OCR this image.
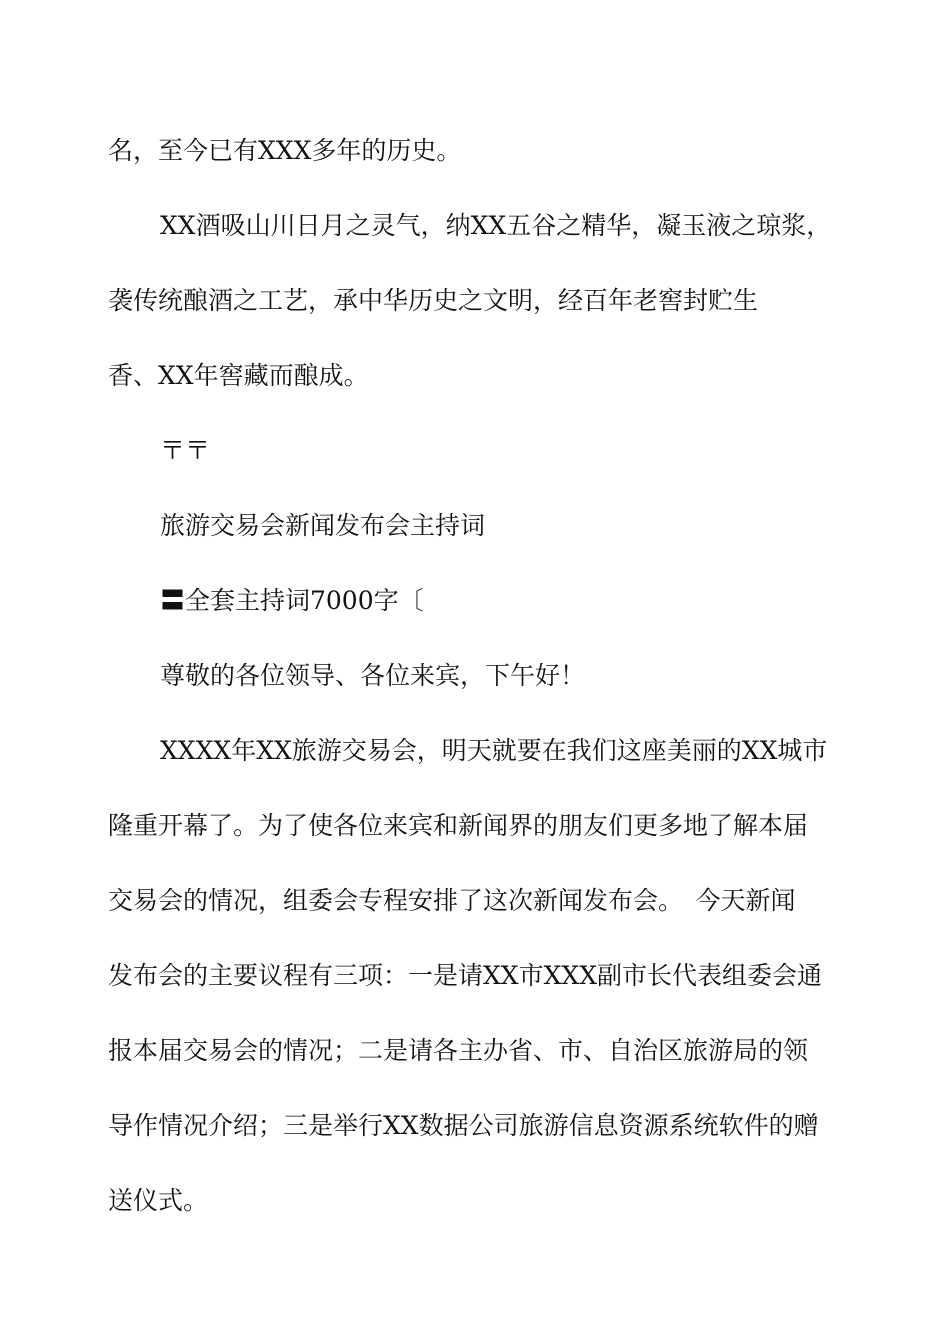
名，至今已有XXX多年的历史。
XX酒吸山川日月之灵气，纳XX五谷之精华，凝玉液之琼浆，
袭传统酿酒之工艺，承中华历史之文明，经百年老窖封贮生
香、XX年窖藏而酿成。
〒〒
旅游交易会新闻发布会主持词
〓全套主持词7000字〔
尊敬的各位领导、各位来宾，下午好！
XXXX年XX旅游交易会，明天就要在我们这座美丽的XX城市
隆重开幕了。为了使各位来宾和新闻界的朋友们更多地了解本届
交易会的情况，组委会专程安排了这次新闻发布会。　今天新闻
发布会的主要议程有三项：一是请XX市XXX副市长代表组委会通
报本届交易会的情况；二是请各主办省、市、自治区旅游局的领
导作情况介绍；三是举行XX数据公司旅游信息资源系统软件的赠
送仪式。
